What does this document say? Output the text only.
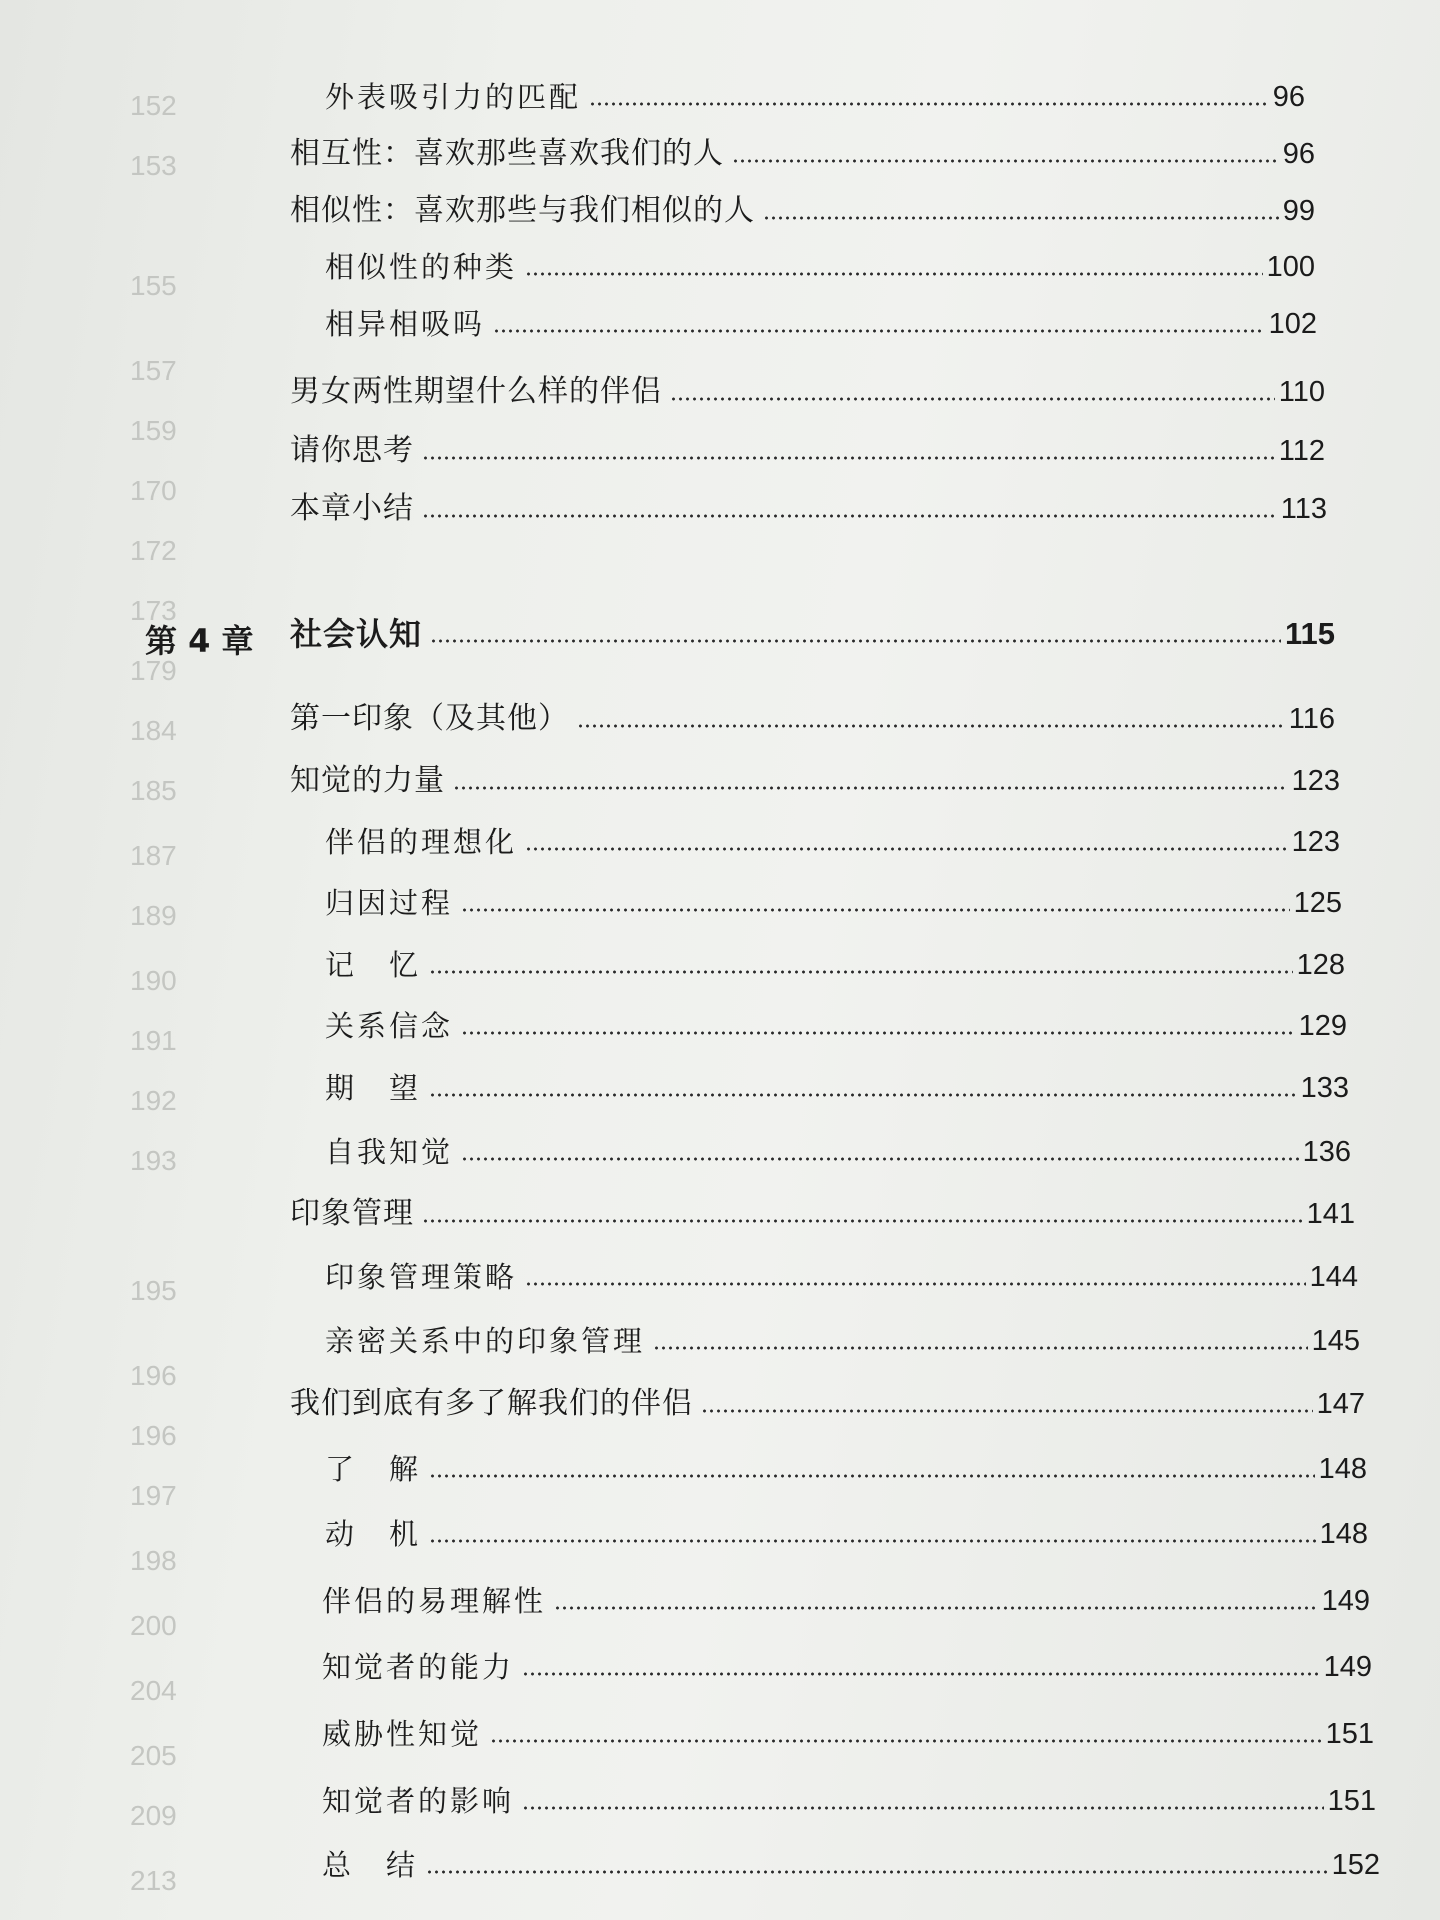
152
153
155
157
159
170
172
173
179
184
185
187
189
190
191
192
193
195
196
196
197
198
200
204
205
209
213
外表吸引力的匹配	96
相互性：喜欢那些喜欢我们的人	96
相似性：喜欢那些与我们相似的人	99
相似性的种类	100
相异相吸吗	102
男女两性期望什么样的伴侣	110
请你思考	112
本章小结	113
第 4 章 社会认知	115
第一印象（及其他）	116
知觉的力量	123
伴侣的理想化	123
归因过程	125
记　忆	128
关系信念	129
期　望	133
自我知觉	136
印象管理	141
印象管理策略	144
亲密关系中的印象管理	145
我们到底有多了解我们的伴侣	147
了　解	148
动　机	148
伴侣的易理解性	149
知觉者的能力	149
威胁性知觉	151
知觉者的影响	151
总　结	152
